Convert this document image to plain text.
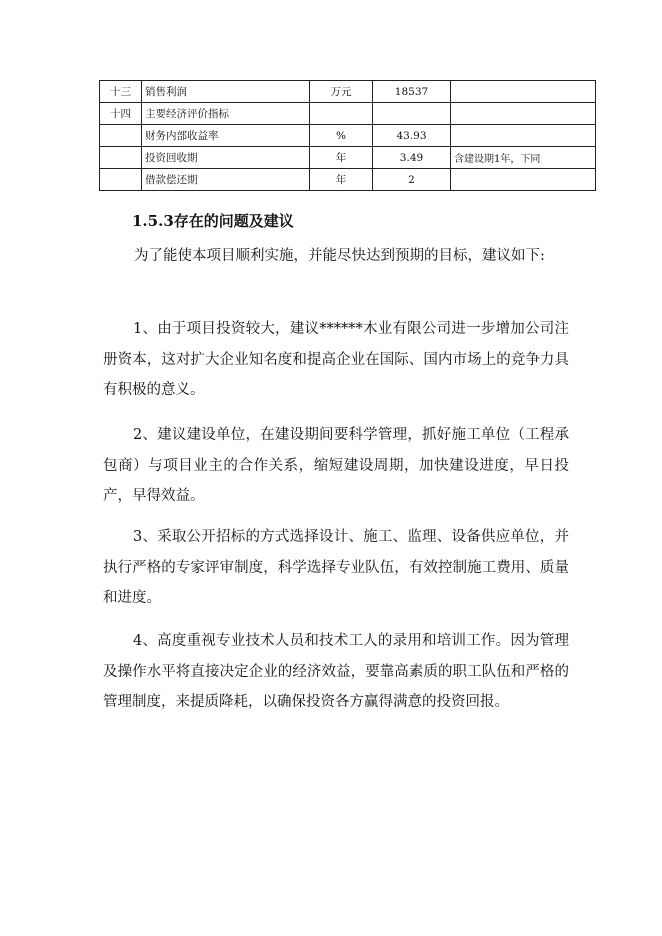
十三	销售利润	万元	18537	
十四	主要经济评价指标			
	财务内部收益率	%	43.93	
	投资回收期	年	3.49	含建设期1年，下同
	借款偿还期	年	2	
1.5.3存在的问题及建议

为了能使本项目顺利实施，并能尽快达到预期的目标，建议如下:

1、由于项目投资较大，建议******木业有限公司进一步增加公司注册资本，这对扩大企业知名度和提高企业在国际、国内市场上的竞争力具有积极的意义。

2、建议建设单位，在建设期间要科学管理，抓好施工单位（工程承包商）与项目业主的合作关系，缩短建设周期，加快建设进度，早日投产，早得效益。

3、采取公开招标的方式选择设计、施工、监理、设备供应单位，并执行严格的专家评审制度，科学选择专业队伍，有效控制施工费用、质量和进度。

4、高度重视专业技术人员和技术工人的录用和培训工作。因为管理及操作水平将直接决定企业的经济效益，要靠高素质的职工队伍和严格的管理制度，来提质降耗，以确保投资各方赢得满意的投资回报。
